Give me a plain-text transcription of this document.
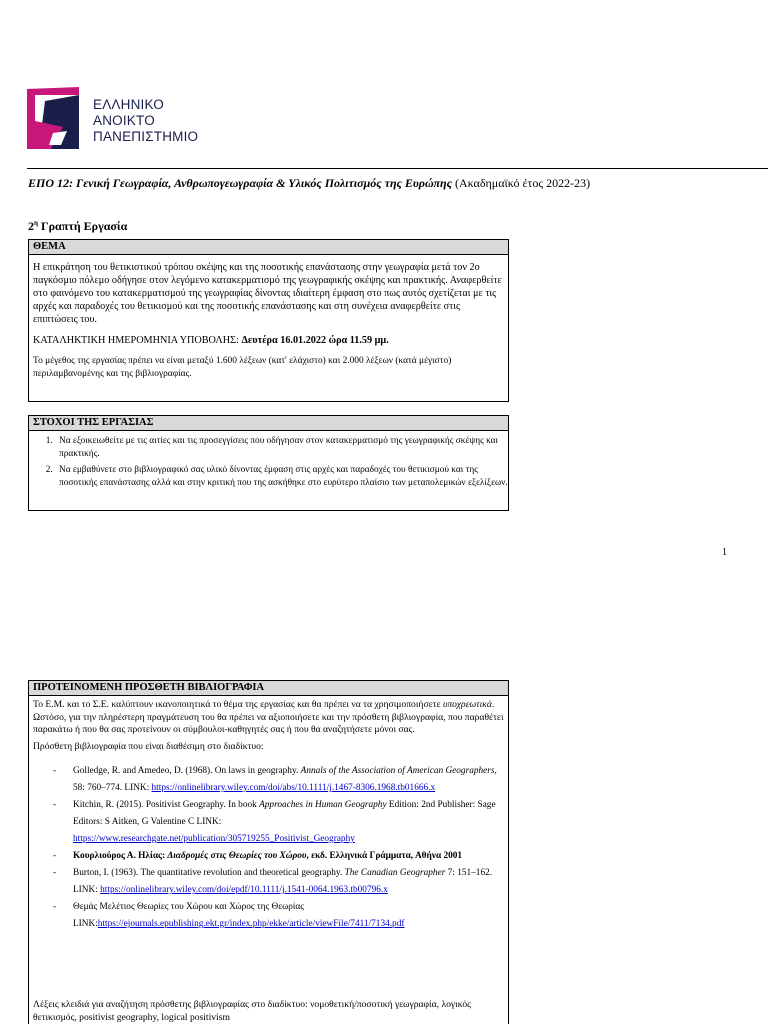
ΕΛΛΗΝΙΚΟ
ΑΝΟΙΚΤΟ
ΠΑΝΕΠΙΣΤΗΜΙΟ
ΕΠΟ 12: Γενική Γεωγραφία, Ανθρωπογεωγραφία & Υλικός Πολιτισμός της Ευρώπης (Ακαδημαϊκό έτος 2022-23)
$2^\eta$ Γραπτή Εργασία
ΘΕΜΑ

Η επικράτηση του θετικιστικού τρόπου σκέψης και της ποσοτικής επανάστασης στην γεωγραφία μετά τον 2ο παγκόσμιο πόλεμο οδήγησε στον λεγόμενο κατακερματισμό της γεωγραφικής σκέψης και πρακτικής. Αναφερθείτε στο φαινόμενο του κατακερματισμού της γεωγραφίας δίνοντας ιδιαίτερη έμφαση στο πως αυτός σχετίζεται με τις αρχές και παραδοχές του θετικισμού και της ποσοτικής επανάστασης και στη συνέχεια αναφερθείτε στις επιπτώσεις του.

ΚΑΤΑΛΗΚΤΙΚΗ ΗΜΕΡΟΜΗΝΙΑ ΥΠΟΒΟΛΗΣ: Δευτέρα 16.01.2022 ώρα 11.59 μμ.

Το μέγεθος της εργασίας πρέπει να είναι μεταξύ 1.600 λέξεων (κατ' ελάχιστο) και 2.000 λέξεων (κατά μέγιστο) περιλαμβανομένης και της βιβλιογραφίας.

ΣΤΟΧΟΙ ΤΗΣ ΕΡΓΑΣΙΑΣ
1. Να εξοικειωθείτε με τις αιτίες και τις προσεγγίσεις που οδήγησαν στον κατακερματισμό της γεωγραφικής σκέψης και πρακτικής.
2. Να εμβαθύνετε στο βιβλιογραφικό σας υλικό δίνοντας έμφαση στις αρχές και παραδοχές του θετικισμού και της ποσοτικής επανάστασης αλλά και στην κριτική που της ασκήθηκε στο ευρύτερο πλαίσιο των μεταπολεμικών εξελίξεων.
1
ΠΡΟΤΕΙΝΟΜΕΝΗ ΠΡΟΣΘΕΤΗ ΒΙΒΛΙΟΓΡΑΦΙΑ

Το Ε.Μ. και το Σ.Ε. καλύπτουν ικανοποιητικά το θέμα της εργασίας και θα πρέπει να τα χρησιμοποιήσετε υποχρεωτικά. Ωστόσο, για την πληρέστερη πραγμάτευση του θα πρέπει να αξιοποιήσετε και την πρόσθετη βιβλιογραφία, που παραθέτει παρακάτω ή που θα σας προτείνουν οι σύμβουλοι-καθηγητές σας ή που θα αναζητήσετε μόνοι σας.

Πρόσθετη βιβλιογραφία που είναι διαθέσιμη στο διαδίκτυο:

- Golledge, R. and Amedeo, D. (1968). On laws in geography. Annals of the Association of American Geographers, 58: 760–774. LINK: https://onlinelibrary.wiley.com/doi/abs/10.1111/j.1467-8306.1968.tb01666.x
- Kitchin, R. (2015). Positivist Geography. In book Approaches in Human Geography Edition: 2nd Publisher: Sage Editors: S Aitken, G Valentine C LINK:
https://www.researchgate.net/publication/305719255_Positivist_Geography
- Κουρλιούρος Α. Ηλίας: Διαδρομές στις Θεωρίες του Χώρου, εκδ. Ελληνικά Γράμματα, Αθήνα 2001
- Burton, I. (1963). The quantitative revolution and theoretical geography. The Canadian Geographer 7: 151–162. LINK: https://onlinelibrary.wiley.com/doi/epdf/10.1111/j.1541-0064.1963.tb00796.x
- Θεμάς Μελέτιος Θεωρίες του Χώρου και Χώρος της Θεωρίας LINK:https://ejournals.epublishing.ekt.gr/index.php/ekke/article/viewFile/7411/7134.pdf
Λέξεις κλειδιά για αναζήτηση πρόσθετης βιβλιογραφίας στο διαδίκτυο: νομοθετική/ποσοτική γεωγραφία, λογικός θετικισμός, positivist geography, logical positivism
